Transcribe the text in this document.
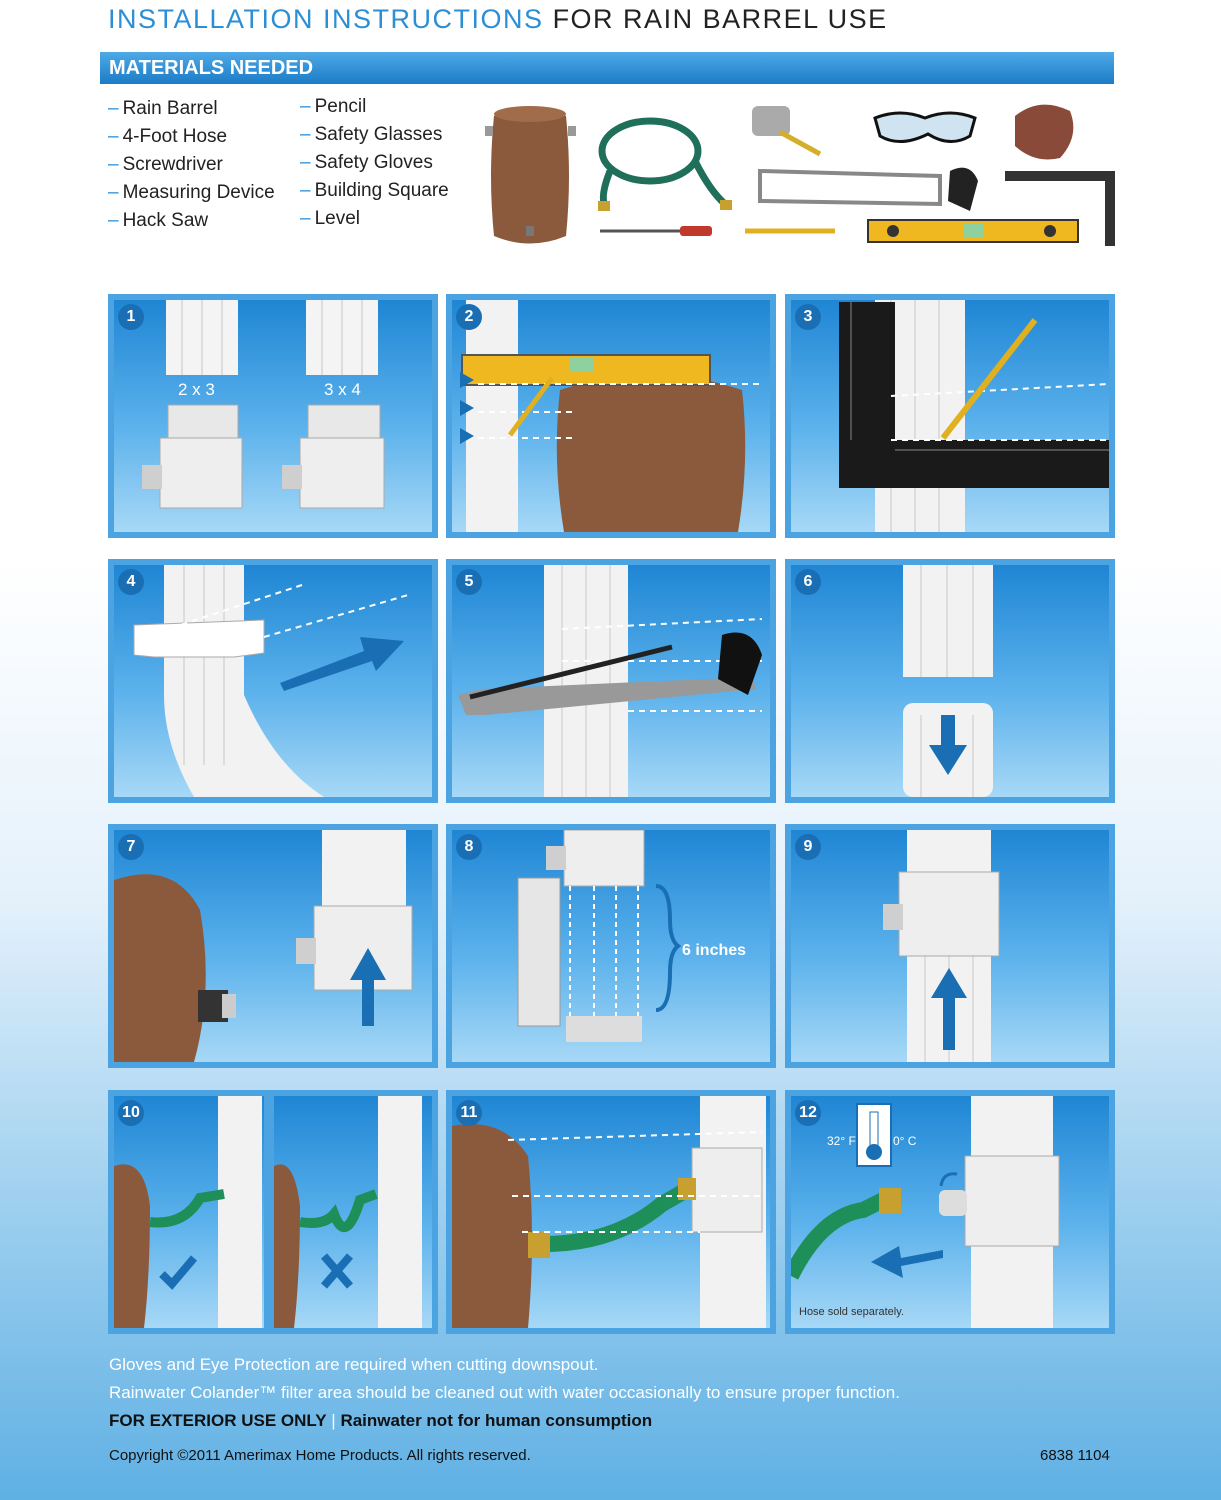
INSTALLATION INSTRUCTIONS FOR RAIN BARREL USE
MATERIALS NEEDED
– Rain Barrel
– 4-Foot Hose
– Screwdriver
– Measuring Device
– Hack Saw
– Pencil
– Safety Glasses
– Safety Gloves
– Building Square
– Level
1
2 x 3	3 x 4
2	3
4	5	6
7	8
6 inches
9
10	11	12
32° F	0° C
Hose sold separately.
Gloves and Eye Protection are required when cutting downspout.
Rainwater Colander™ filter area should be cleaned out with water occasionally to ensure proper function.
FOR EXTERIOR USE ONLY | Rainwater not for human consumption
Copyright ©2011 Amerimax Home Products. All rights reserved.	6838 1104
